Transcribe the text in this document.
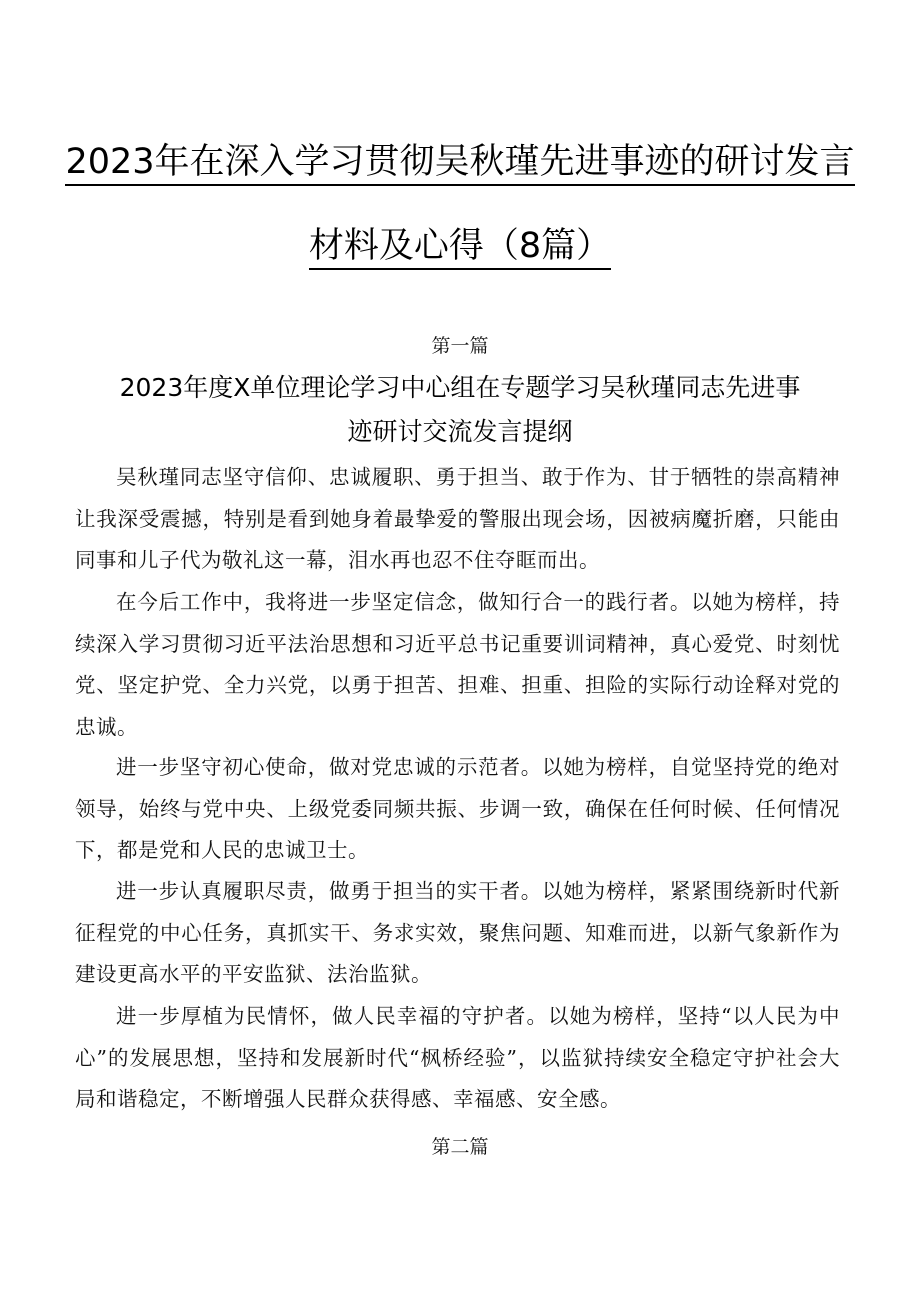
2023年在深入学习贯彻吴秋瑾先进事迹的研讨发言
材料及心得（8篇）
第一篇
2023年度X单位理论学习中心组在专题学习吴秋瑾同志先进事
迹研讨交流发言提纲

吴秋瑾同志坚守信仰、忠诚履职、勇于担当、敢于作为、甘于牺牲的崇高精神让我深受震撼，特别是看到她身着最挚爱的警服出现会场，因被病魔折磨，只能由同事和儿子代为敬礼这一幕，泪水再也忍不住夺眶而出。

在今后工作中，我将进一步坚定信念，做知行合一的践行者。以她为榜样，持续深入学习贯彻习近平法治思想和习近平总书记重要训词精神，真心爱党、时刻忧党、坚定护党、全力兴党，以勇于担苦、担难、担重、担险的实际行动诠释对党的忠诚。

进一步坚守初心使命，做对党忠诚的示范者。以她为榜样，自觉坚持党的绝对领导，始终与党中央、上级党委同频共振、步调一致，确保在任何时候、任何情况下，都是党和人民的忠诚卫士。

进一步认真履职尽责，做勇于担当的实干者。以她为榜样，紧紧围绕新时代新征程党的中心任务，真抓实干、务求实效，聚焦问题、知难而进，以新气象新作为建设更高水平的平安监狱、法治监狱。

进一步厚植为民情怀，做人民幸福的守护者。以她为榜样，坚持“以人民为中心”的发展思想，坚持和发展新时代“枫桥经验”，以监狱持续安全稳定守护社会大局和谐稳定，不断增强人民群众获得感、幸福感、安全感。

第二篇
